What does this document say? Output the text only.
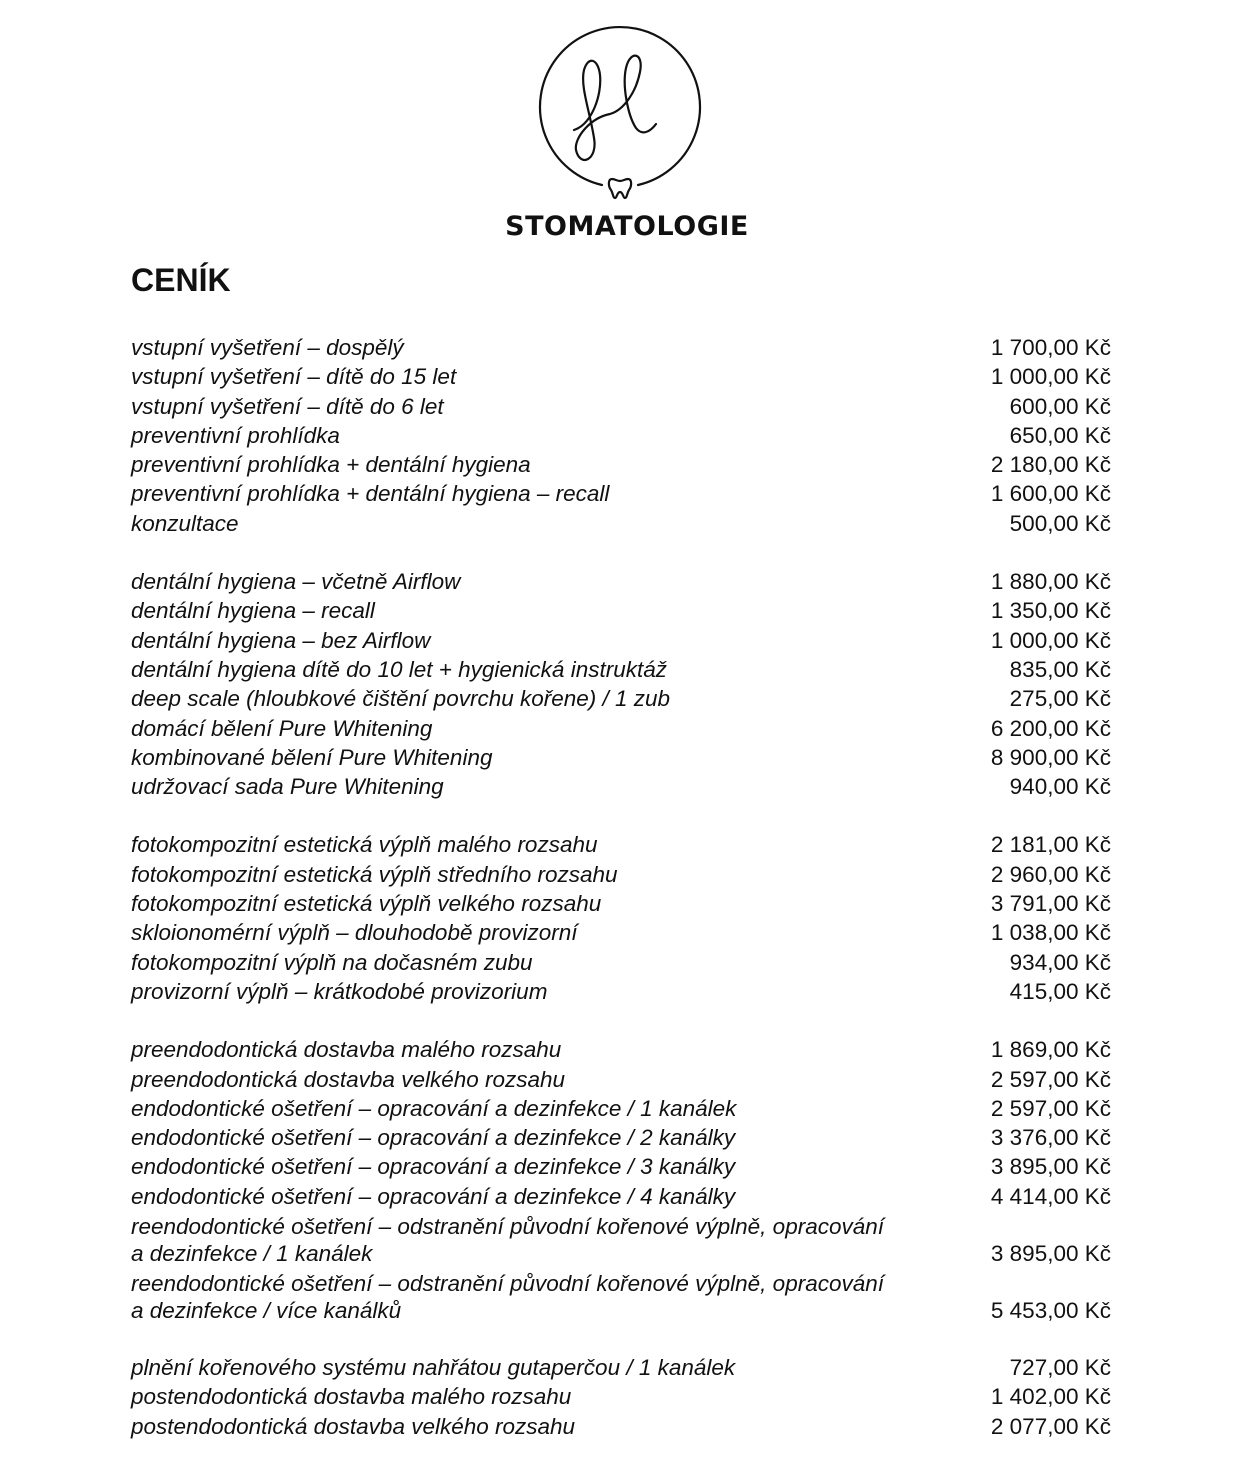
STOMATOLOGIE
CENÍK
vstupní vyšetření – dospělý	1 700,00 Kč
vstupní vyšetření – dítě do 15 let	1 000,00 Kč
vstupní vyšetření – dítě do 6 let	600,00 Kč
preventivní prohlídka	650,00 Kč
preventivní prohlídka + dentální hygiena	2 180,00 Kč
preventivní prohlídka + dentální hygiena – recall	1 600,00 Kč
konzultace	500,00 Kč
dentální hygiena – včetně Airflow	1 880,00 Kč
dentální hygiena – recall	1 350,00 Kč
dentální hygiena – bez Airflow	1 000,00 Kč
dentální hygiena dítě do 10 let + hygienická instruktáž	835,00 Kč
deep scale (hloubkové čištění povrchu kořene) / 1 zub	275,00 Kč
domácí bělení Pure Whitening	6 200,00 Kč
kombinované bělení Pure Whitening	8 900,00 Kč
udržovací sada Pure Whitening	940,00 Kč
fotokompozitní estetická výplň malého rozsahu	2 181,00 Kč
fotokompozitní estetická výplň středního rozsahu	2 960,00 Kč
fotokompozitní estetická výplň velkého rozsahu	3 791,00 Kč
skloionomérní výplň – dlouhodobě provizorní	1 038,00 Kč
fotokompozitní výplň na dočasném zubu	934,00 Kč
provizorní výplň – krátkodobé provizorium	415,00 Kč
preendodontická dostavba malého rozsahu	1 869,00 Kč
preendodontická dostavba velkého rozsahu	2 597,00 Kč
endodontické ošetření – opracování a dezinfekce / 1 kanálek	2 597,00 Kč
endodontické ošetření – opracování a dezinfekce / 2 kanálky	3 376,00 Kč
endodontické ošetření – opracování a dezinfekce / 3 kanálky	3 895,00 Kč
endodontické ošetření – opracování a dezinfekce / 4 kanálky	4 414,00 Kč
reendodontické ošetření – odstranění původní kořenové výplně, opracování
a dezinfekce / 1 kanálek	3 895,00 Kč
reendodontické ošetření – odstranění původní kořenové výplně, opracování
a dezinfekce / více kanálků	5 453,00 Kč
plnění kořenového systému nahřátou gutaperčou / 1 kanálek	727,00 Kč
postendodontická dostavba malého rozsahu	1 402,00 Kč
postendodontická dostavba velkého rozsahu	2 077,00 Kč
